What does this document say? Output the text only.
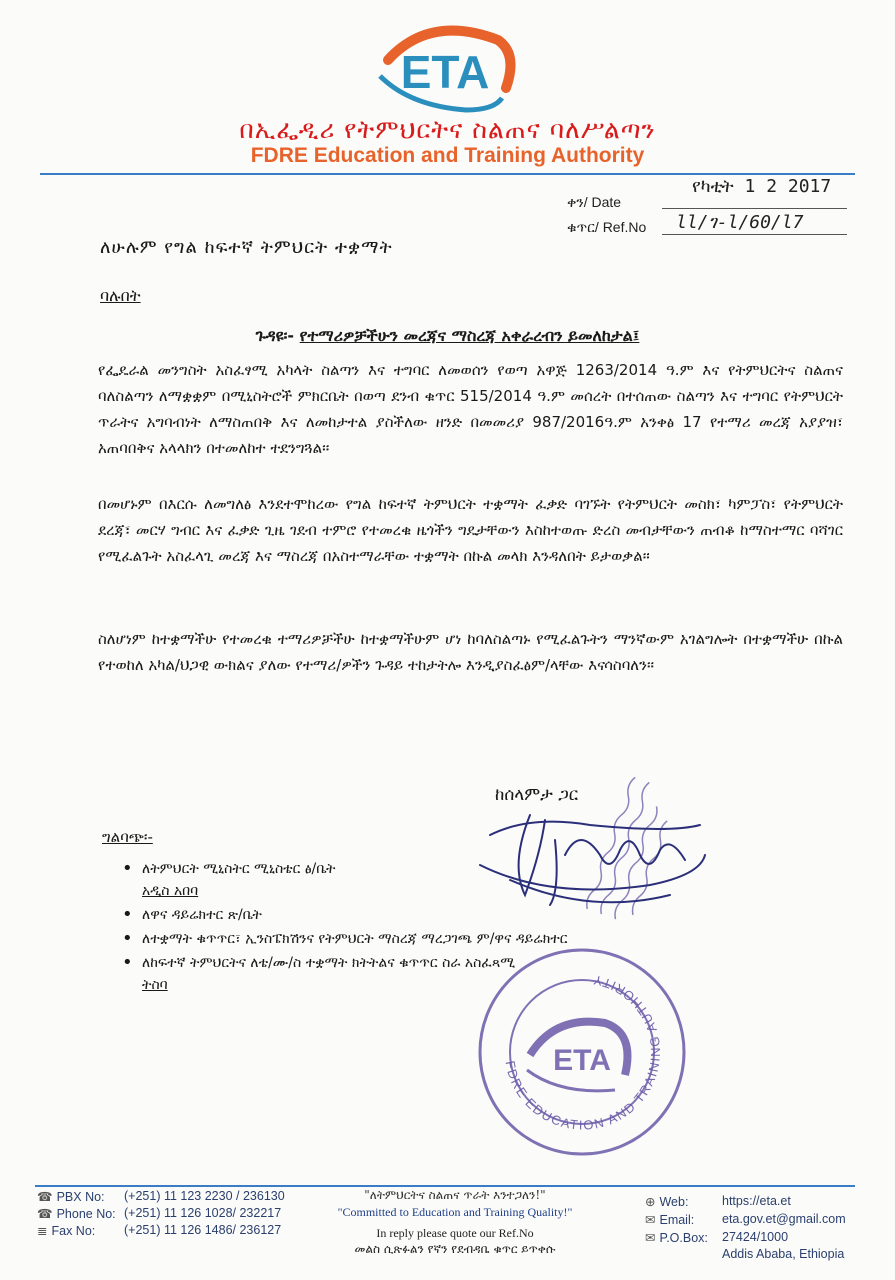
ETA
በኢፌዲሪ የትምህርትና ስልጠና ባለሥልጣን
FDRE Education and Training Authority
ቀን/ Date
የካቲት 1 2 2017
ቁጥር/ Ref.No ll/ገ-l/60/l7
ለሁሉም የግል ከፍተኛ ትምህርት ተቋማት
ባሉበት
ጉዳዩ፡- የተማሪዎቻችሁን መረጃና ማስረጃ አቀራረብን ይመለከታል፤
የፌዴራል መንግስት አስፈፃሚ አካላት ስልጣን እና ተግባር ለመወሰን የወጣ አዋጅ 1263/2014 ዓ.ም እና የትምህርትና ስልጠና ባለስልጣን ለማቋቋም በሚኒስትሮች ምክርቤት በወጣ ደንብ ቁጥር 515/2014 ዓ.ም መሰረት በተሰጠው ስልጣን እና ተግባር የትምህርት ጥራትና አግባብነት ለማስጠበቅ እና ለመከታተል ያስችለው ዘንድ በመመሪያ 987/2016ዓ.ም አንቀፅ 17 የተማሪ መረጃ አያያዝ፣ አጠባበቅና አላላክን በተመለከተ ተደንግጓል፡፡
በመሆኑም በእርሱ ለመግለፅ እንደተሞከረው የግል ከፍተኛ ትምህርት ተቋማት ፈቃድ ባገኙት የትምህርት መስክ፣ ካምፓስ፣ የትምህርት ደረጃ፣ መርሃ ግብር እና ፈቃድ ጊዜ ገደብ ተምሮ የተመረቁ ዜጎችን ግዴታቸውን እስከተወጡ ድረስ መብታቸውን ጠብቆ ከማስተማር ባሻገር የሚፈልጉት አስፈላጊ መረጃ እና ማስረጃ በአስተማራቸው ተቋማት በኩል መላክ እንዳለበት ይታወቃል፡፡
ስለሆነም ከተቋማችሁ የተመረቁ ተማሪዎቻችሁ ከተቋማችሁም ሆነ ከባለስልጣኑ የሚፈልጉትን ማንኛውም አገልግሎት በተቋማችሁ በኩል የተወከለ አካል/ህጋዊ ውክልና ያለው የተማሪ/ዎችን ጉዳይ ተከታትሎ እንዲያስፈፅም/ላቸው እናሳስባለን፡፡
ከሰላምታ ጋር
ግልባጭ፡-
• ለትምህርት ሚኒስትር ሚኒስቴር ፅ/ቤት
አዲስ አበባ
• ለዋና ዳይሬክተር ጽ/ቤት
• ለተቋማት ቁጥጥር፣ ኢንስፔክሽንና የትምህርት ማስረጃ ማረጋገጫ ም/ዋና ዳይሬክተር
• ለከፍተኛ ትምህርትና ለቴ/ሙ/ስ ተቋማት ክትትልና ቁጥጥር ስራ አስፈጻሚ
ትስባ
FDRE EDUCATION AND TRAINING AUTHORITY
ETA
☎ PBX No:
☎ Phone No:
≣ Fax No:
(+251) 11 123 2230 / 236130
(+251) 11 126 1028/ 232217
(+251) 11 126 1486/ 236127
"ለትምህርትና ስልጠና ጥራት እንተጋለን!"
"Committed to Education and Training Quality!"
In reply please quote our Ref.No
መልስ ሲጽፉልን የኛን የደብዳቤ ቁጥር ይጥቀሱ
⊕ Web:
✉ Email:
✉ P.O.Box:
https://eta.et
eta.gov.et@gmail.com
27424/1000
Addis Ababa, Ethiopia
